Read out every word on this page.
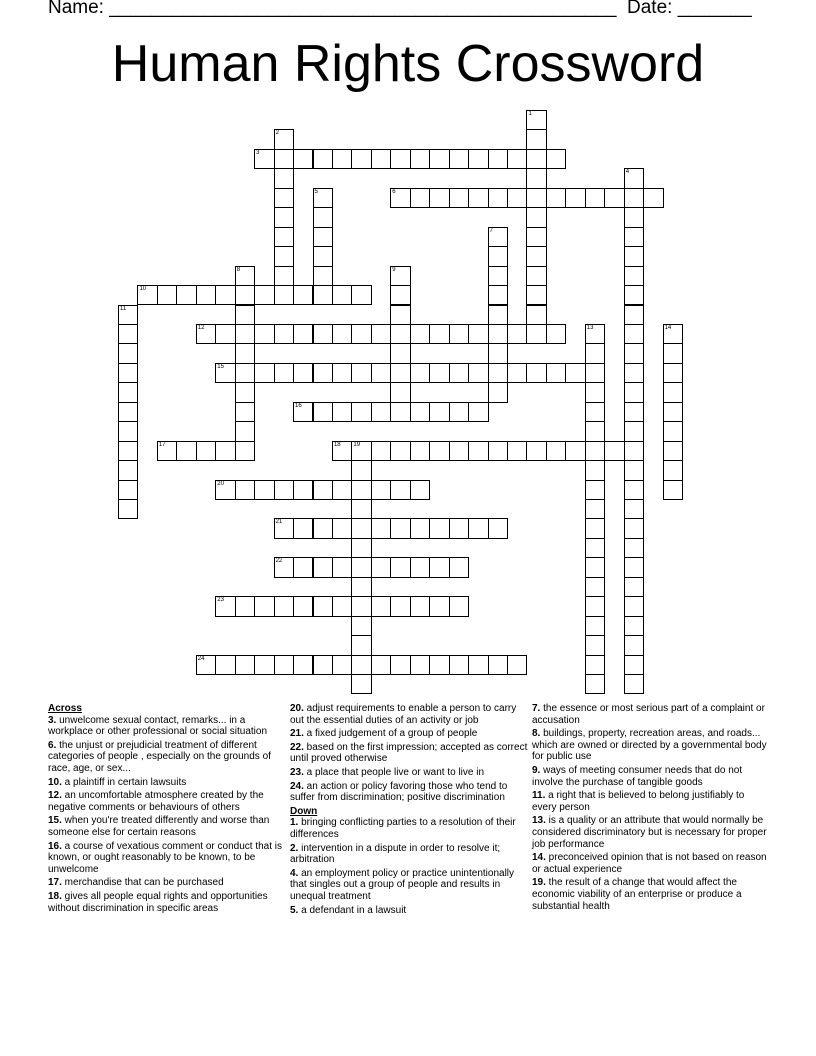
Name: ________________________________________________ Date: _______
Human Rights Crossword
1
2
3
4
5	6
7
8	9
10
11
12	13	14
15
16
17	18 19
20
21
22
23
24
Across
3. unwelcome sexual contact, remarks... in a workplace or other professional or social situation
6. the unjust or prejudicial treatment of different categories of people , especially on the grounds of race, age, or sex...
10. a plaintiff in certain lawsuits
12. an uncomfortable atmosphere created by the negative comments or behaviours of others
15. when you're treated differently and worse than someone else for certain reasons
16. a course of vexatious comment or conduct that is known, or ought reasonably to be known, to be unwelcome
17. merchandise that can be purchased
18. gives all people equal rights and opportunities without discrimination in specific areas
20. adjust requirements to enable a person to carry out the essential duties of an activity or job
21. a fixed judgement of a group of people
22. based on the first impression; accepted as correct until proved otherwise
23. a place that people live or want to live in
24. an action or policy favoring those who tend to suffer from discrimination; positive discrimination
Down
1. bringing conflicting parties to a resolution of their differences
2. intervention in a dispute in order to resolve it; arbitration
4. an employment policy or practice unintentionally that singles out a group of people and results in unequal treatment
5. a defendant in a lawsuit
7. the essence or most serious part of a complaint or accusation
8. buildings, property, recreation areas, and roads... which are owned or directed by a governmental body for public use
9. ways of meeting consumer needs that do not involve the purchase of tangible goods
11. a right that is believed to belong justifiably to every person
13. is a quality or an attribute that would normally be considered discriminatory but is necessary for proper job performance
14. preconceived opinion that is not based on reason or actual experience
19. the result of a change that would affect the economic viability of an enterprise or produce a substantial health
